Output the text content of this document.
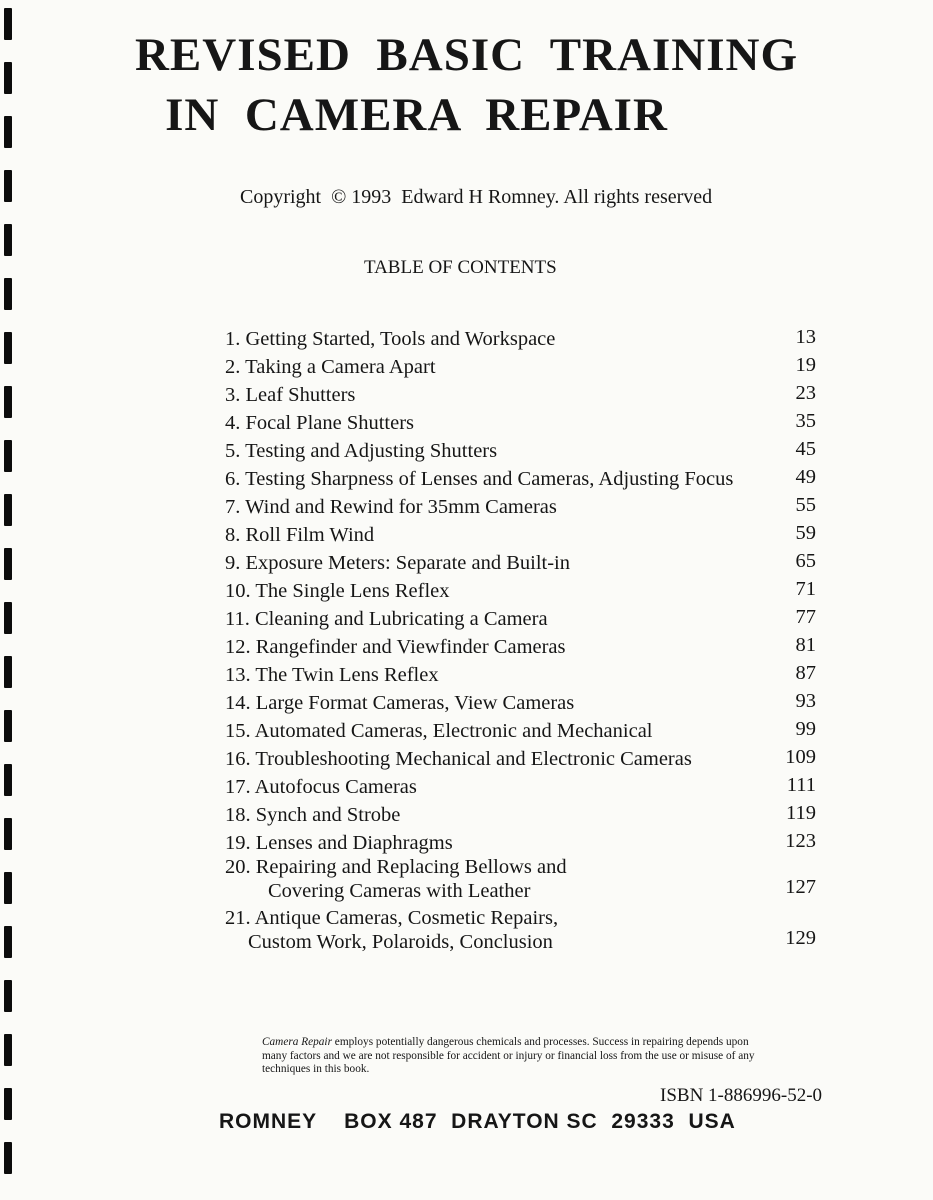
REVISED  BASIC  TRAINING
IN  CAMERA  REPAIR
Copyright  © 1993  Edward H Romney. All rights reserved
TABLE OF CONTENTS
1. Getting Started, Tools and Workspace	13
2. Taking a Camera Apart	19
3. Leaf Shutters	23
4. Focal Plane Shutters	35
5. Testing and Adjusting Shutters	45
6. Testing Sharpness of Lenses and Cameras, Adjusting Focus	49
7. Wind and Rewind for 35mm Cameras	55
8. Roll Film Wind	59
9. Exposure Meters: Separate and Built-in	65
10. The Single Lens Reflex	71
11. Cleaning and Lubricating a Camera	77
12. Rangefinder and Viewfinder Cameras	81
13. The Twin Lens Reflex	87
14. Large Format Cameras, View Cameras	93
15. Automated Cameras, Electronic and Mechanical	99
16. Troubleshooting Mechanical and Electronic Cameras	109
17. Autofocus Cameras	111
18. Synch and Strobe	119
19. Lenses and Diaphragms	123
20. Repairing and Replacing Bellows and
Covering Cameras with Leather	127
21. Antique Cameras, Cosmetic Repairs,
Custom Work, Polaroids, Conclusion	129
Camera Repair employs potentially dangerous chemicals and processes. Success in repairing depends upon many factors and we are not responsible for accident or injury or financial loss from the use or misuse of any techniques in this book.
ISBN 1-886996-52-0
ROMNEY    BOX 487  DRAYTON SC  29333  USA
